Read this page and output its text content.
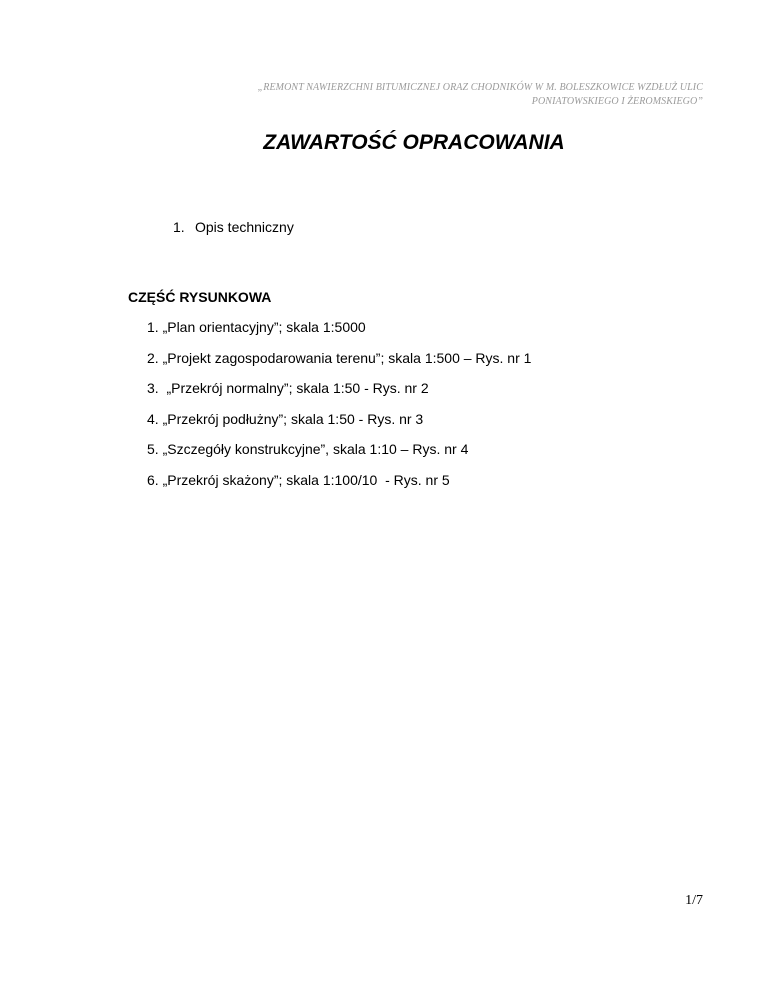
„REMONT NAWIERZCHNI BITUMICZNEJ ORAZ CHODNIKÓW W M. BOLESZKOWICE WZDŁUŻ ULIC
PONIATOWSKIEGO I ŻEROMSKIEGO”
ZAWARTOŚĆ OPRACOWANIA
1. Opis techniczny
CZĘŚĆ RYSUNKOWA
1. „Plan orientacyjny”; skala 1:5000
2. „Projekt zagospodarowania terenu”; skala 1:500 – Rys. nr 1
3.  „Przekrój normalny”; skala 1:50 - Rys. nr 2
4. „Przekrój podłużny”; skala 1:50 - Rys. nr 3
5. „Szczegóły konstrukcyjne”, skala 1:10 – Rys. nr 4
6. „Przekrój skażony”; skala 1:100/10  - Rys. nr 5
1/7
